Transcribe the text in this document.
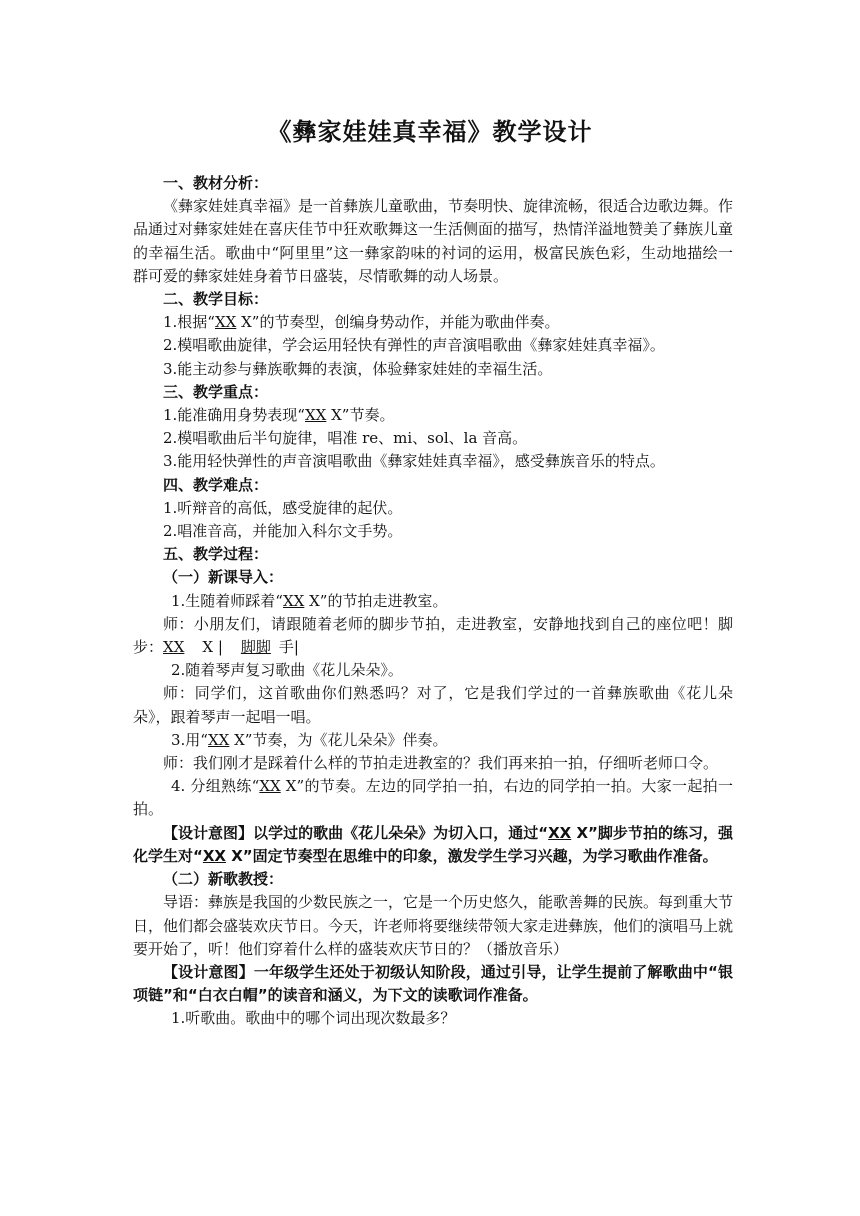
《彝家娃娃真幸福》教学设计

一、教材分析：

《彝家娃娃真幸福》是一首彝族儿童歌曲，节奏明快、旋律流畅，很适合边歌边舞。作品通过对彝家娃娃在喜庆佳节中狂欢歌舞这一生活侧面的描写，热情洋溢地赞美了彝族儿童的幸福生活。歌曲中“阿里里”这一彝家韵味的衬词的运用，极富民族色彩，生动地描绘一群可爱的彝家娃娃身着节日盛装，尽情歌舞的动人场景。

二、教学目标：

1.根据“XX X”的节奏型，创编身势动作，并能为歌曲伴奏。

2.模唱歌曲旋律，学会运用轻快有弹性的声音演唱歌曲《彝家娃娃真幸福》。

3.能主动参与彝族歌舞的表演，体验彝家娃娃的幸福生活。

三、教学重点：

1.能准确用身势表现“XX X”节奏。

2.模唱歌曲后半句旋律，唱准 re、mi、sol、la 音高。

3.能用轻快弹性的声音演唱歌曲《彝家娃娃真幸福》，感受彝族音乐的特点。

四、教学难点：

1.听辩音的高低，感受旋律的起伏。

2.唱准音高，并能加入科尔文手势。

五、教学过程：

（一）新课导入：

1.生随着师踩着“XX X”的节拍走进教室。

师：小朋友们，请跟随着老师的脚步节拍，走进教室，安静地找到自己的座位吧！脚步：XX X | 脚脚 手|

2.随着琴声复习歌曲《花儿朵朵》。

师：同学们，这首歌曲你们熟悉吗？对了，它是我们学过的一首彝族歌曲《花儿朵朵》，跟着琴声一起唱一唱。

3.用“XX X”节奏，为《花儿朵朵》伴奏。

师：我们刚才是踩着什么样的节拍走进教室的？我们再来拍一拍，仔细听老师口令。

4. 分组熟练“XX X”的节奏。左边的同学拍一拍，右边的同学拍一拍。大家一起拍一拍。

【设计意图】以学过的歌曲《花儿朵朵》为切入口，通过“XX X”脚步节拍的练习，强化学生对“XX X”固定节奏型在思维中的印象，激发学生学习兴趣，为学习歌曲作准备。

（二）新歌教授：

导语：彝族是我国的少数民族之一，它是一个历史悠久，能歌善舞的民族。每到重大节日，他们都会盛装欢庆节日。今天，许老师将要继续带领大家走进彝族，他们的演唱马上就要开始了，听！他们穿着什么样的盛装欢庆节日的？（播放音乐）

【设计意图】一年级学生还处于初级认知阶段，通过引导，让学生提前了解歌曲中“银项链”和“白衣白帽”的读音和涵义，为下文的读歌词作准备。

1.听歌曲。歌曲中的哪个词出现次数最多？
